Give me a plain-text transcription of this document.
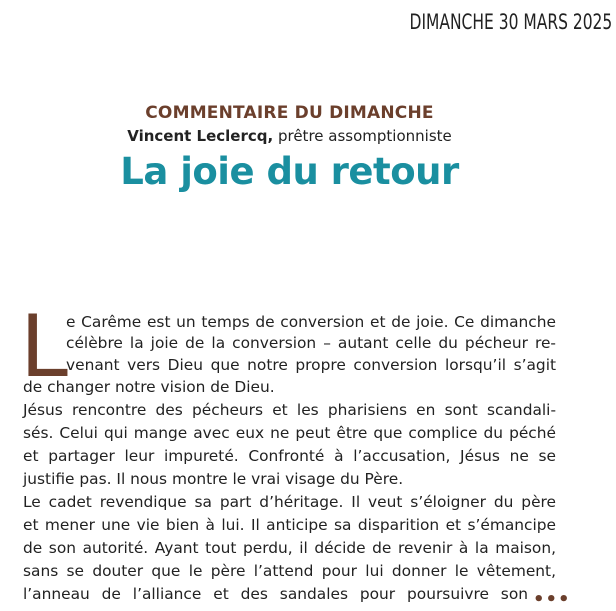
DIMANCHE 30 MARS 2025
COMMENTAIRE DU DIMANCHE
Vincent Leclercq, prêtre assomptionniste
La joie du retour
L
e Carême est un temps de conversion et de joie. Ce dimanche
célèbre la joie de la conversion – autant celle du pécheur re-
venant vers Dieu que notre propre conversion lorsqu’il s’agit
de changer notre vision de Dieu.
Jésus rencontre des pécheurs et les pharisiens en sont scandali-
sés. Celui qui mange avec eux ne peut être que complice du péché
et partager leur impureté. Confronté à l’accusation, Jésus ne se
justifie pas. Il nous montre le vrai visage du Père.
Le cadet revendique sa part d’héritage. Il veut s’éloigner du père
et mener une vie bien à lui. Il anticipe sa disparition et s’émancipe
de son autorité. Ayant tout perdu, il décide de revenir à la maison,
sans se douter que le père l’attend pour lui donner le vêtement,
l’anneau de l’alliance et des sandales pour poursuivre son •••
